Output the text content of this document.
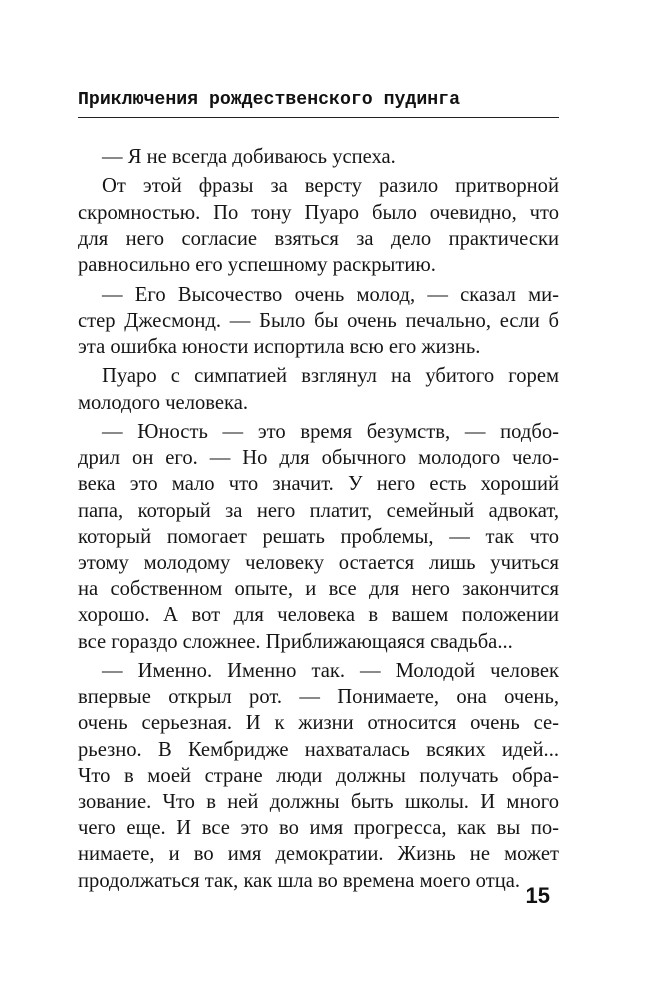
Приключения рождественского пудинга
— Я не всегда добиваюсь успеха.
От этой фразы за версту разило притворной
скромностью. По тону Пуаро было очевидно, что
для него согласие взяться за дело практически
равносильно его успешному раскрытию.
— Его Высочество очень молод, — сказал ми-
стер Джесмонд. — Было бы очень печально, если б
эта ошибка юности испортила всю его жизнь.
Пуаро с симпатией взглянул на убитого горем
молодого человека.
— Юность — это время безумств, — подбо-
дрил он его. — Но для обычного молодого чело-
века это мало что значит. У него есть хороший
папа, который за него платит, семейный адвокат,
который помогает решать проблемы, — так что
этому молодому человеку остается лишь учиться
на собственном опыте, и все для него закончится
хорошо. А вот для человека в вашем положении
все гораздо сложнее. Приближающаяся свадьба...
— Именно. Именно так. — Молодой человек
впервые открыл рот. — Понимаете, она очень,
очень серьезная. И к жизни относится очень се-
рьезно. В Кембридже нахваталась всяких идей...
Что в моей стране люди должны получать обра-
зование. Что в ней должны быть школы. И много
чего еще. И все это во имя прогресса, как вы по-
нимаете, и во имя демократии. Жизнь не может
продолжаться так, как шла во времена моего отца.
15
